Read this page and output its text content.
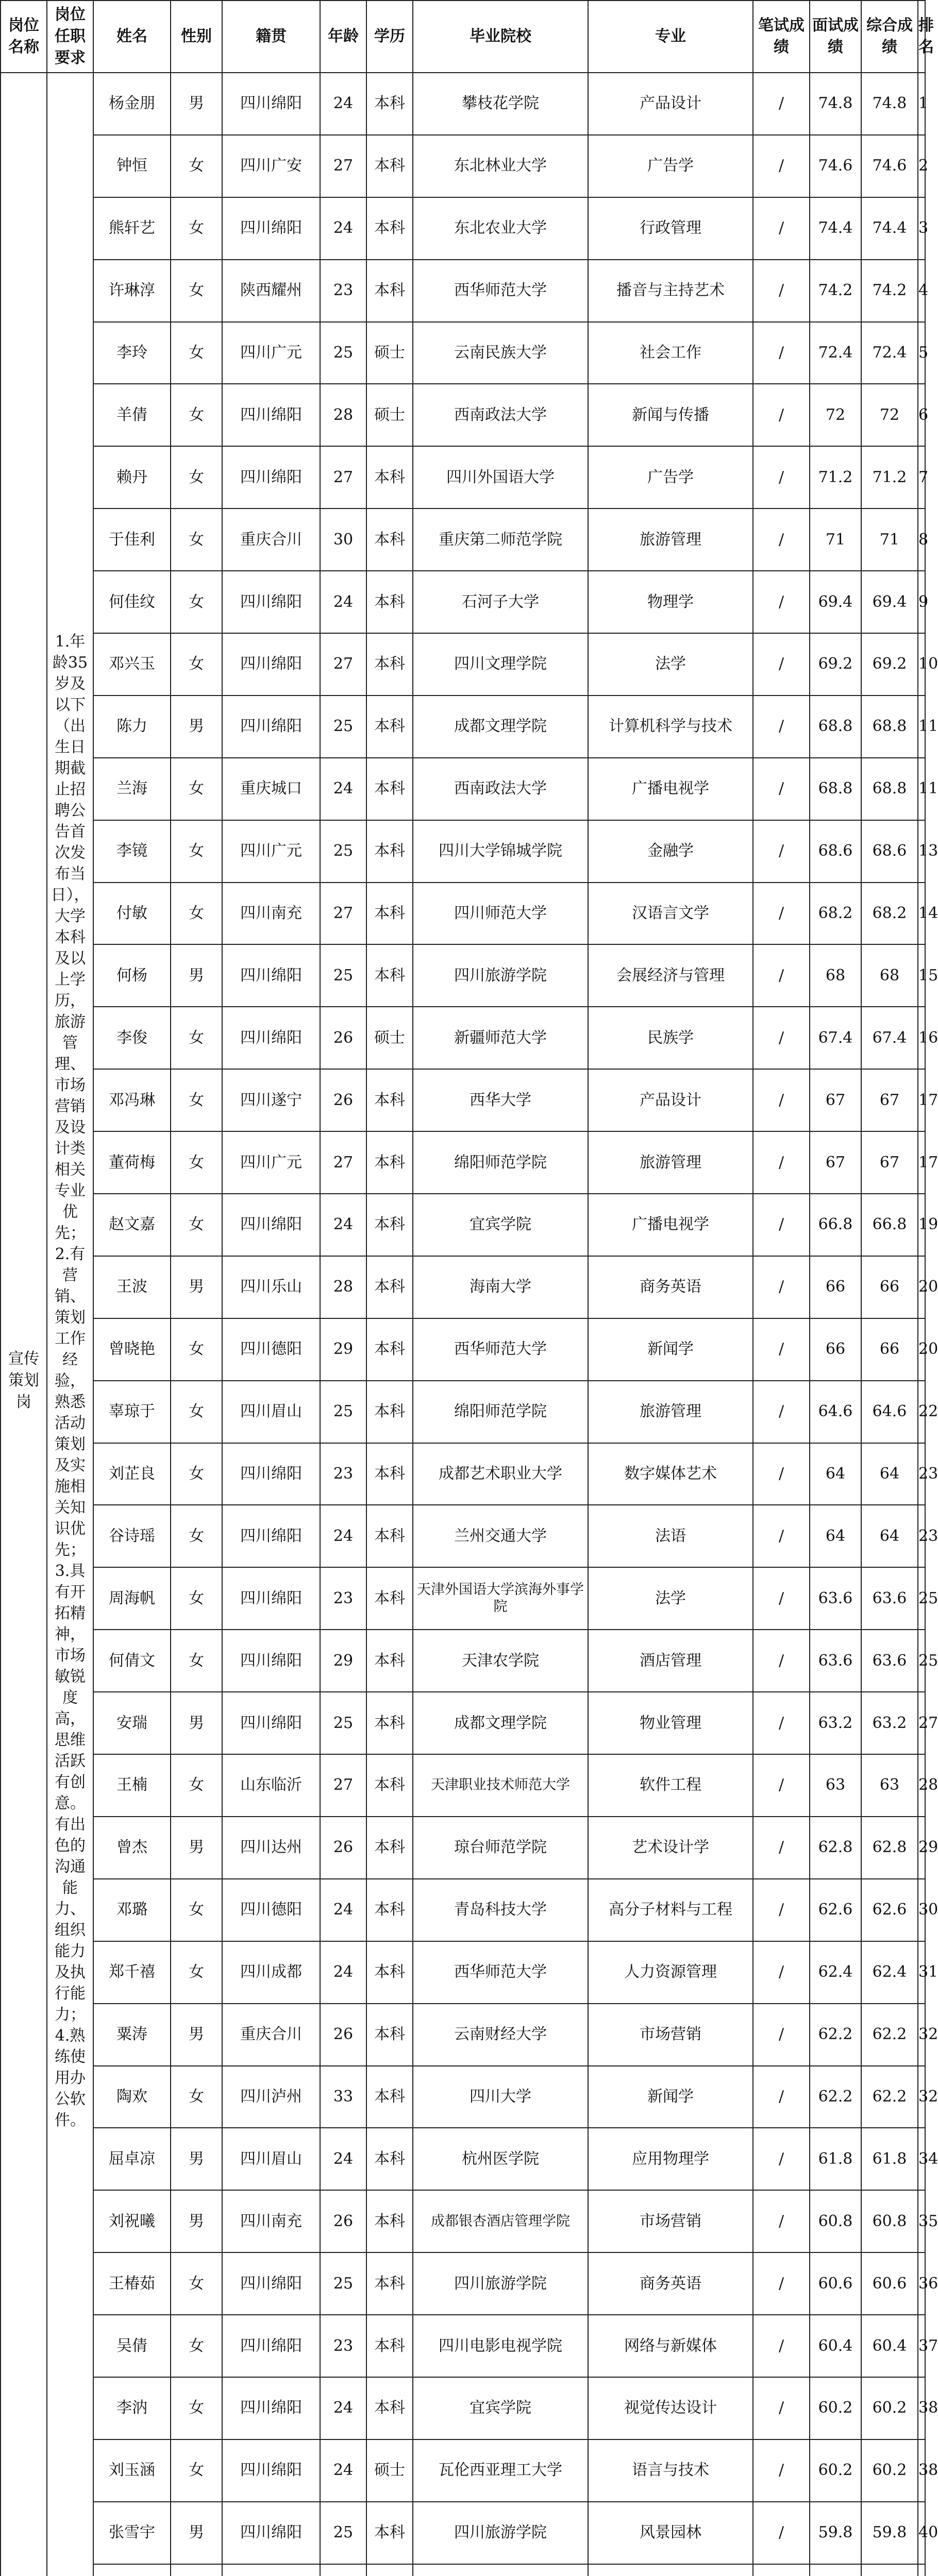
岗位名称	岗位任职要求	姓名	性别	籍贯	年龄	学历	毕业院校	专业	笔试成绩	面试成绩	综合成绩	排名
宣传策划岗	1.年龄35岁及以下（出生日期截止招聘公告首次发布当日），大学本科及以上学历，旅游管理、市场营销及设计类相关专业优先；2.有营销、策划工作经验，熟悉活动策划及实施相关知识优先；3.具有开拓精神，市场敏锐度高，思维活跃有创意。有出色的沟通能力、组织能力及执行能力；4.熟练使用办公软件。	杨金朋	男	四川绵阳	24	本科	攀枝花学院	产品设计	/	74.8	74.8	1
		钟恒	女	四川广安	27	本科	东北林业大学	广告学	/	74.6	74.6	2
		熊轩艺	女	四川绵阳	24	本科	东北农业大学	行政管理	/	74.4	74.4	3
		许琳淳	女	陕西耀州	23	本科	西华师范大学	播音与主持艺术	/	74.2	74.2	4
		李玲	女	四川广元	25	硕士	云南民族大学	社会工作	/	72.4	72.4	5
		羊倩	女	四川绵阳	28	硕士	西南政法大学	新闻与传播	/	72	72	6
		赖丹	女	四川绵阳	27	本科	四川外国语大学	广告学	/	71.2	71.2	7
		于佳利	女	重庆合川	30	本科	重庆第二师范学院	旅游管理	/	71	71	8
		何佳纹	女	四川绵阳	24	本科	石河子大学	物理学	/	69.4	69.4	9
		邓兴玉	女	四川绵阳	27	本科	四川文理学院	法学	/	69.2	69.2	10
		陈力	男	四川绵阳	25	本科	成都文理学院	计算机科学与技术	/	68.8	68.8	11
		兰海	女	重庆城口	24	本科	西南政法大学	广播电视学	/	68.8	68.8	11
		李镜	女	四川广元	25	本科	四川大学锦城学院	金融学	/	68.6	68.6	13
		付敏	女	四川南充	27	本科	四川师范大学	汉语言文学	/	68.2	68.2	14
		何杨	男	四川绵阳	25	本科	四川旅游学院	会展经济与管理	/	68	68	15
		李俊	女	四川绵阳	26	硕士	新疆师范大学	民族学	/	67.4	67.4	16
		邓冯琳	女	四川遂宁	26	本科	西华大学	产品设计	/	67	67	17
		董荷梅	女	四川广元	27	本科	绵阳师范学院	旅游管理	/	67	67	17
		赵文嘉	女	四川绵阳	24	本科	宜宾学院	广播电视学	/	66.8	66.8	19
		王波	男	四川乐山	28	本科	海南大学	商务英语	/	66	66	20
		曾晓艳	女	四川德阳	29	本科	西华师范大学	新闻学	/	66	66	20
		辜琼于	女	四川眉山	25	本科	绵阳师范学院	旅游管理	/	64.6	64.6	22
		刘芷良	女	四川绵阳	23	本科	成都艺术职业大学	数字媒体艺术	/	64	64	23
		谷诗瑶	女	四川绵阳	24	本科	兰州交通大学	法语	/	64	64	23
		周海帆	女	四川绵阳	23	本科	天津外国语大学滨海外事学院	法学	/	63.6	63.6	25
		何倩文	女	四川绵阳	29	本科	天津农学院	酒店管理	/	63.6	63.6	25
		安瑞	男	四川绵阳	25	本科	成都文理学院	物业管理	/	63.2	63.2	27
		王楠	女	山东临沂	27	本科	天津职业技术师范大学	软件工程	/	63	63	28
		曾杰	男	四川达州	26	本科	琼台师范学院	艺术设计学	/	62.8	62.8	29
		邓璐	女	四川德阳	24	本科	青岛科技大学	高分子材料与工程	/	62.6	62.6	30
		郑千禧	女	四川成都	24	本科	西华师范大学	人力资源管理	/	62.4	62.4	31
		粟涛	男	重庆合川	26	本科	云南财经大学	市场营销	/	62.2	62.2	32
		陶欢	女	四川泸州	33	本科	四川大学	新闻学	/	62.2	62.2	32
		屈卓凉	男	四川眉山	24	本科	杭州医学院	应用物理学	/	61.8	61.8	34
		刘祝曦	男	四川南充	26	本科	成都银杏酒店管理学院	市场营销	/	60.8	60.8	35
		王椿茹	女	四川绵阳	25	本科	四川旅游学院	商务英语	/	60.6	60.6	36
		吴倩	女	四川绵阳	23	本科	四川电影电视学院	网络与新媒体	/	60.4	60.4	37
		李汭	女	四川绵阳	24	本科	宜宾学院	视觉传达设计	/	60.2	60.2	38
		刘玉涵	女	四川绵阳	24	硕士	瓦伦西亚理工大学	语言与技术	/	60.2	60.2	38
		张雪宇	男	四川绵阳	25	本科	四川旅游学院	风景园林	/	59.8	59.8	40
